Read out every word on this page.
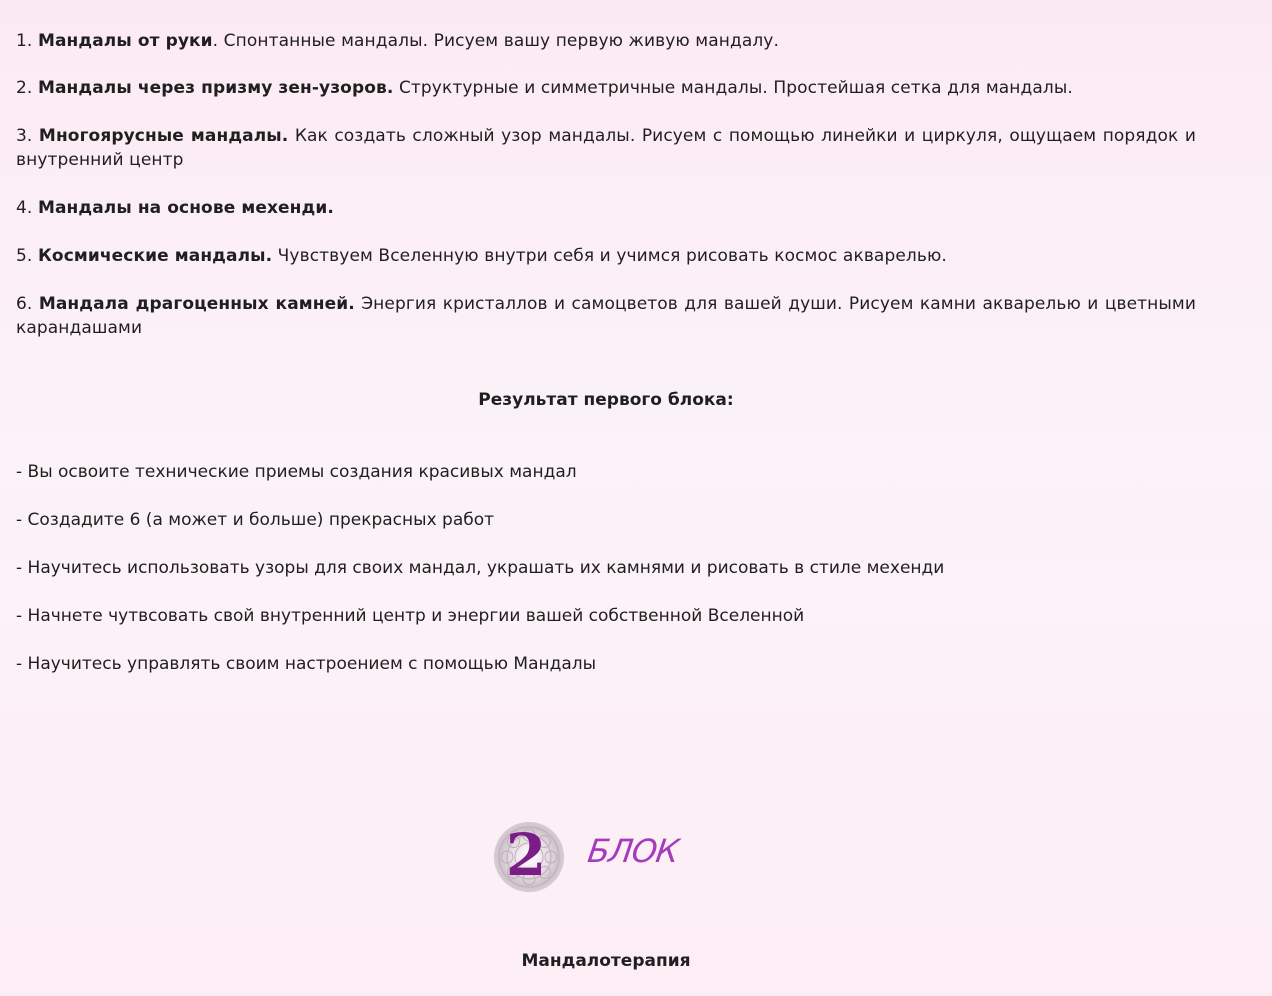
1. Мандалы от руки. Спонтанные мандалы. Рисуем вашу первую живую мандалу.

2. Мандалы через призму зен-узоров. Структурные и симметричные мандалы. Простейшая сетка для мандалы.

3. Многоярусные мандалы. Как создать сложный узор мандалы. Рисуем с помощью линейки и циркуля, ощущаем порядок и внутренний центр

4. Мандалы на основе мехенди.

5. Космические мандалы. Чувствуем Вселенную внутри себя и учимся рисовать космос акварелью.

6. Мандала драгоценных камней. Энергия кристаллов и самоцветов для вашей души. Рисуем камни акварелью и цветными карандашами

Результат первого блока:

- Вы освоите технические приемы создания красивых мандал

- Создадите 6 (а может и больше) прекрасных работ

- Научитесь использовать узоры для своих мандал, украшать их камнями и рисовать в стиле мехенди

- Начнете чутвсовать свой внутренний центр и энергии вашей собственной Вселенной

- Научитесь управлять своим настроением с помощью Мандалы

2 БЛОК
Мандалотерапия
